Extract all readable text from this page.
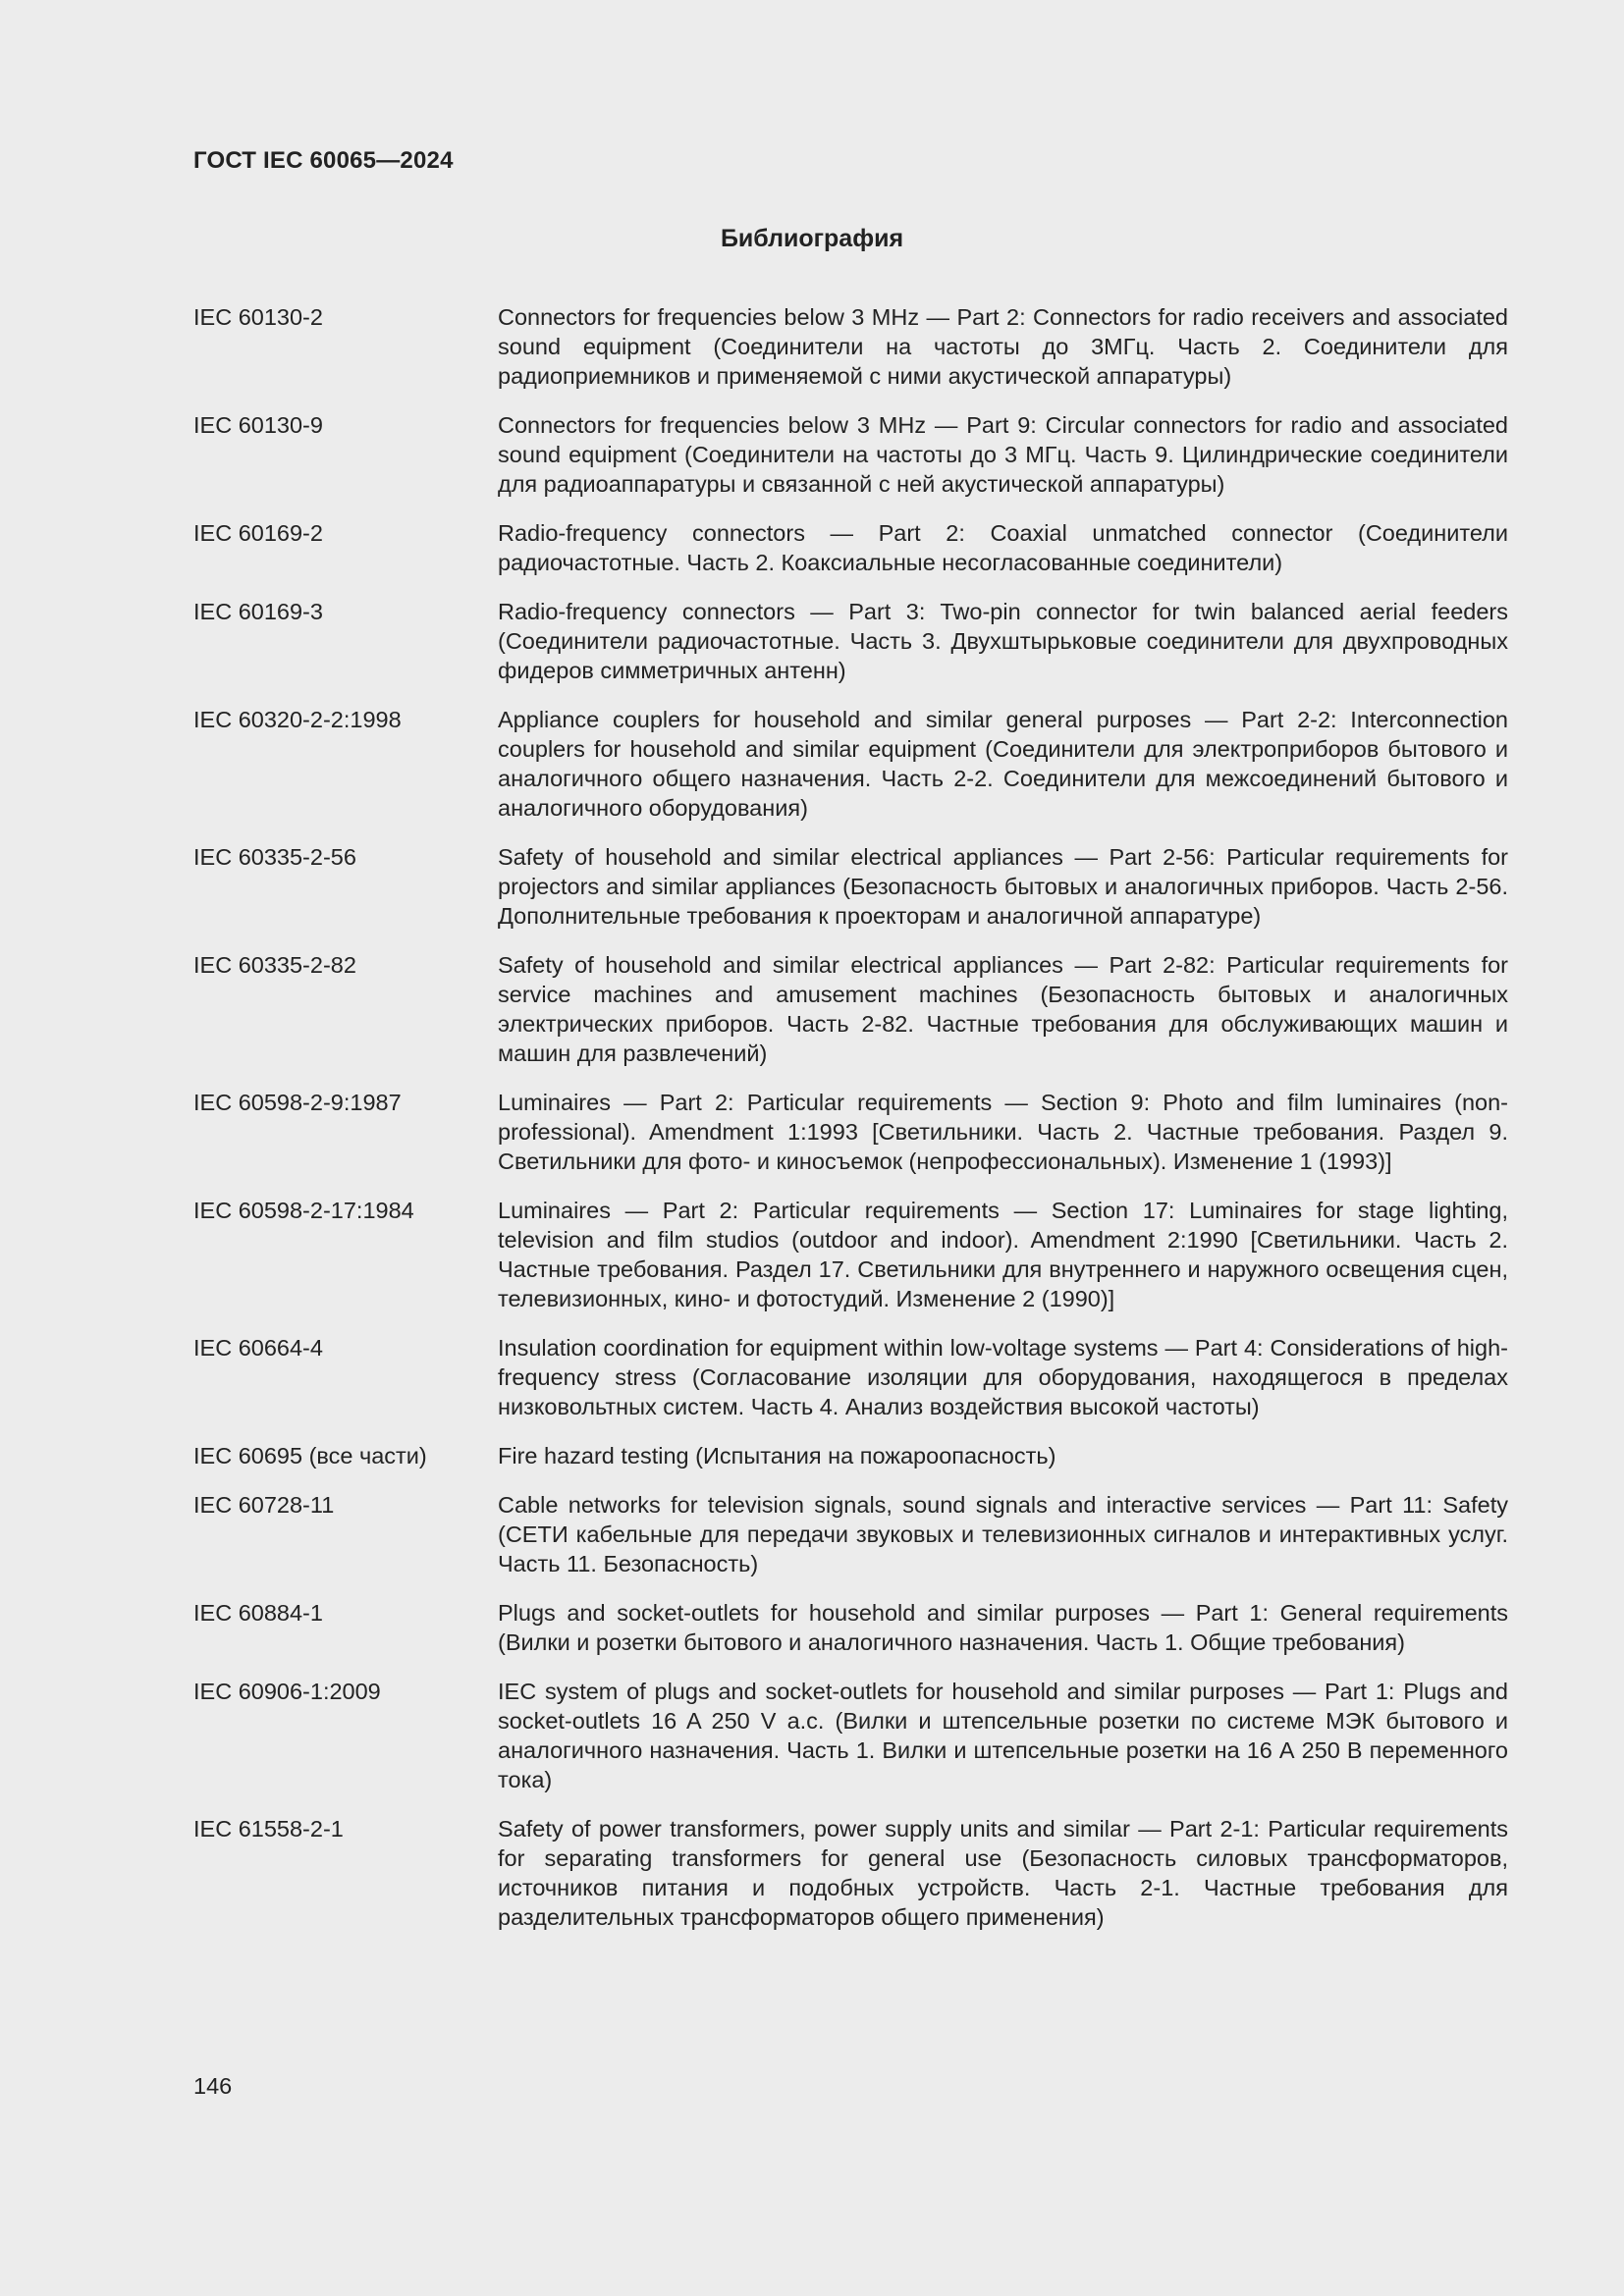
ГОСТ IEC 60065—2024
Библиография
IEC 60130-2	Connectors for frequencies below 3 MHz — Part 2: Connectors for radio receivers and associated sound equipment (Соединители на частоты до 3МГц. Часть 2. Соединители для радиоприемников и применяемой с ними акустической аппаратуры)
IEC 60130-9	Connectors for frequencies below 3 MHz — Part 9: Circular connectors for radio and associated sound equipment (Соединители на частоты до 3 МГц. Часть 9. Цилиндрические соединители для радиоаппаратуры и связанной с ней акустической аппаратуры)
IEC 60169-2	Radio-frequency connectors — Part 2: Coaxial unmatched connector (Соединители радиочастотные. Часть 2. Коаксиальные несогласованные соединители)
IEC 60169-3	Radio-frequency connectors — Part 3: Two-pin connector for twin balanced aerial feeders (Соединители радиочастотные. Часть 3. Двухштырьковые соединители для двухпроводных фидеров симметричных антенн)
IEC 60320-2-2:1998	Appliance couplers for household and similar general purposes — Part 2-2: Interconnection couplers for household and similar equipment (Соединители для электроприборов бытового и аналогичного общего назначения. Часть 2-2. Соединители для межсоединений бытового и аналогичного оборудования)
IEC 60335-2-56	Safety of household and similar electrical appliances — Part 2-56: Particular requirements for projectors and similar appliances (Безопасность бытовых и аналогичных приборов. Часть 2-56. Дополнительные требования к проекторам и аналогичной аппаратуре)
IEC 60335-2-82	Safety of household and similar electrical appliances — Part 2-82: Particular requirements for service machines and amusement machines (Безопасность бытовых и аналогичных электрических приборов. Часть 2-82. Частные требования для обслуживающих машин и машин для развлечений)
IEC 60598-2-9:1987	Luminaires — Part 2: Particular requirements — Section 9: Photo and film luminaires (non-professional). Amendment 1:1993 [Светильники. Часть 2. Частные требования. Раздел 9. Светильники для фото- и киносъемок (непрофессиональных). Изменение 1 (1993)]
IEC 60598-2-17:1984	Luminaires — Part 2: Particular requirements — Section 17: Luminaires for stage lighting, television and film studios (outdoor and indoor). Amendment 2:1990 [Светильники. Часть 2. Частные требования. Раздел 17. Светильники для внутреннего и наружного освещения сцен, телевизионных, кино- и фотостудий. Изменение 2 (1990)]
IEC 60664-4	Insulation coordination for equipment within low-voltage systems — Part 4: Considerations of high-frequency stress (Согласование изоляции для оборудования, находящегося в пределах низковольтных систем. Часть 4. Анализ воздействия высокой частоты)
IEC 60695 (все части)	Fire hazard testing (Испытания на пожароопасность)
IEC 60728-11	Cable networks for television signals, sound signals and interactive services — Part 11: Safety (СЕТИ кабельные для передачи звуковых и телевизионных сигналов и интерактивных услуг. Часть 11. Безопасность)
IEC 60884-1	Plugs and socket-outlets for household and similar purposes — Part 1: General requirements (Вилки и розетки бытового и аналогичного назначения. Часть 1. Общие требования)
IEC 60906-1:2009	IEC system of plugs and socket-outlets for household and similar purposes — Part 1: Plugs and socket-outlets 16 A 250 V a.c. (Вилки и штепсельные розетки по системе МЭК бытового и аналогичного назначения. Часть 1. Вилки и штепсельные розетки на 16 А 250 В переменного тока)
IEC 61558-2-1	Safety of power transformers, power supply units and similar — Part 2-1: Particular requirements for separating transformers for general use (Безопасность силовых трансформаторов, источников питания и подобных устройств. Часть 2-1. Частные требования для разделительных трансформаторов общего применения)
146
